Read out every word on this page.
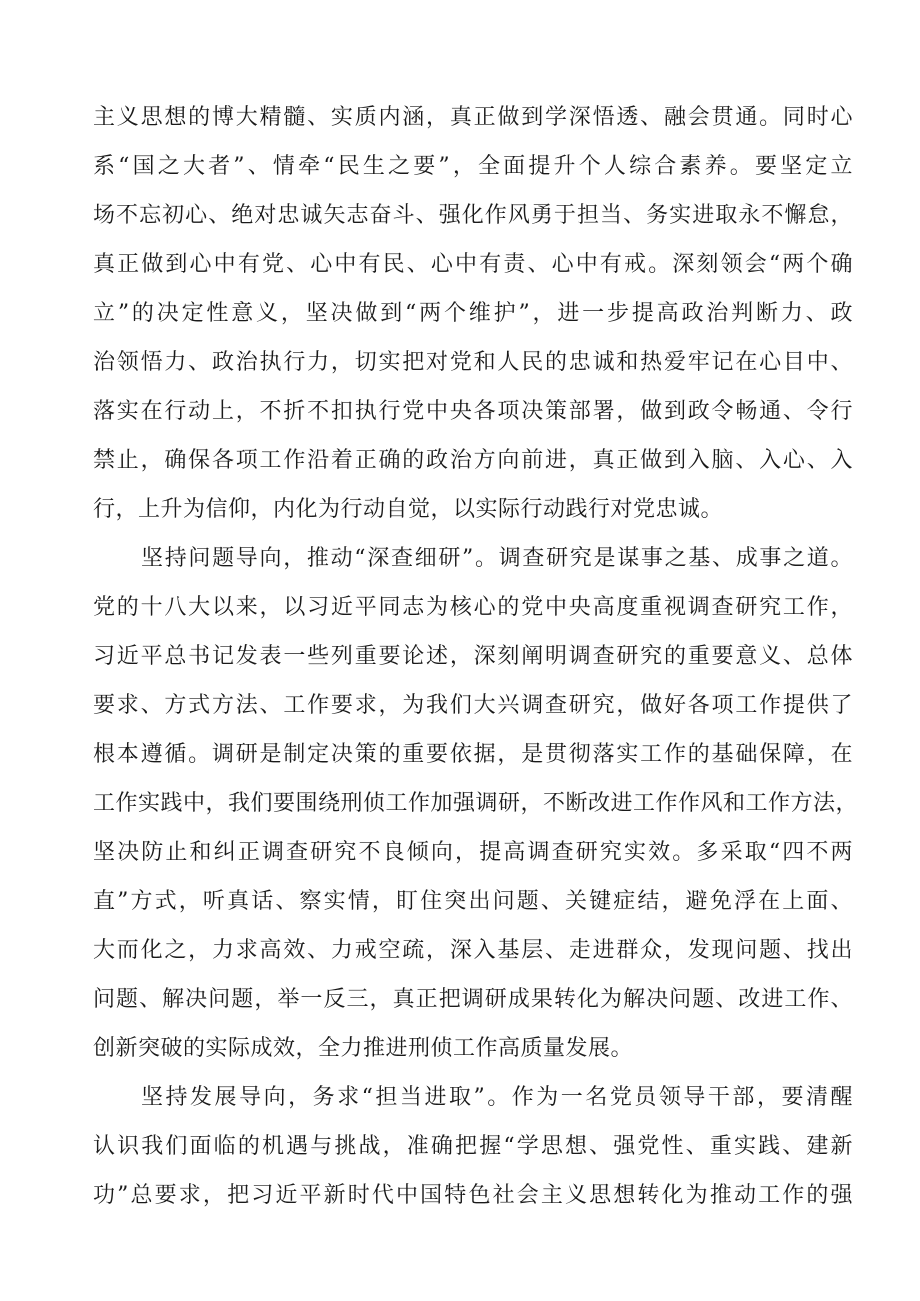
主义思想的博大精髓、实质内涵，真正做到学深悟透、融会贯通。同时心
系“国之大者”、情牵“民生之要”，全面提升个人综合素养。要坚定立
场不忘初心、绝对忠诚矢志奋斗、强化作风勇于担当、务实进取永不懈怠，
真正做到心中有党、心中有民、心中有责、心中有戒。深刻领会“两个确
立”的决定性意义，坚决做到“两个维护”，进一步提高政治判断力、政
治领悟力、政治执行力，切实把对党和人民的忠诚和热爱牢记在心目中、
落实在行动上，不折不扣执行党中央各项决策部署，做到政令畅通、令行
禁止，确保各项工作沿着正确的政治方向前进，真正做到入脑、入心、入
行，上升为信仰，内化为行动自觉，以实际行动践行对党忠诚。
坚持问题导向，推动“深查细研”。调查研究是谋事之基、成事之道。
党的十八大以来，以习近平同志为核心的党中央高度重视调查研究工作，
习近平总书记发表一些列重要论述，深刻阐明调查研究的重要意义、总体
要求、方式方法、工作要求，为我们大兴调查研究，做好各项工作提供了
根本遵循。调研是制定决策的重要依据，是贯彻落实工作的基础保障，在
工作实践中，我们要围绕刑侦工作加强调研，不断改进工作作风和工作方法，
坚决防止和纠正调查研究不良倾向，提高调查研究实效。多采取“四不两
直”方式，听真话、察实情，盯住突出问题、关键症结，避免浮在上面、
大而化之，力求高效、力戒空疏，深入基层、走进群众，发现问题、找出
问题、解决问题，举一反三，真正把调研成果转化为解决问题、改进工作、
创新突破的实际成效，全力推进刑侦工作高质量发展。
坚持发展导向，务求“担当进取”。作为一名党员领导干部，要清醒
认识我们面临的机遇与挑战，准确把握“学思想、强党性、重实践、建新
功”总要求，把习近平新时代中国特色社会主义思想转化为推动工作的强
